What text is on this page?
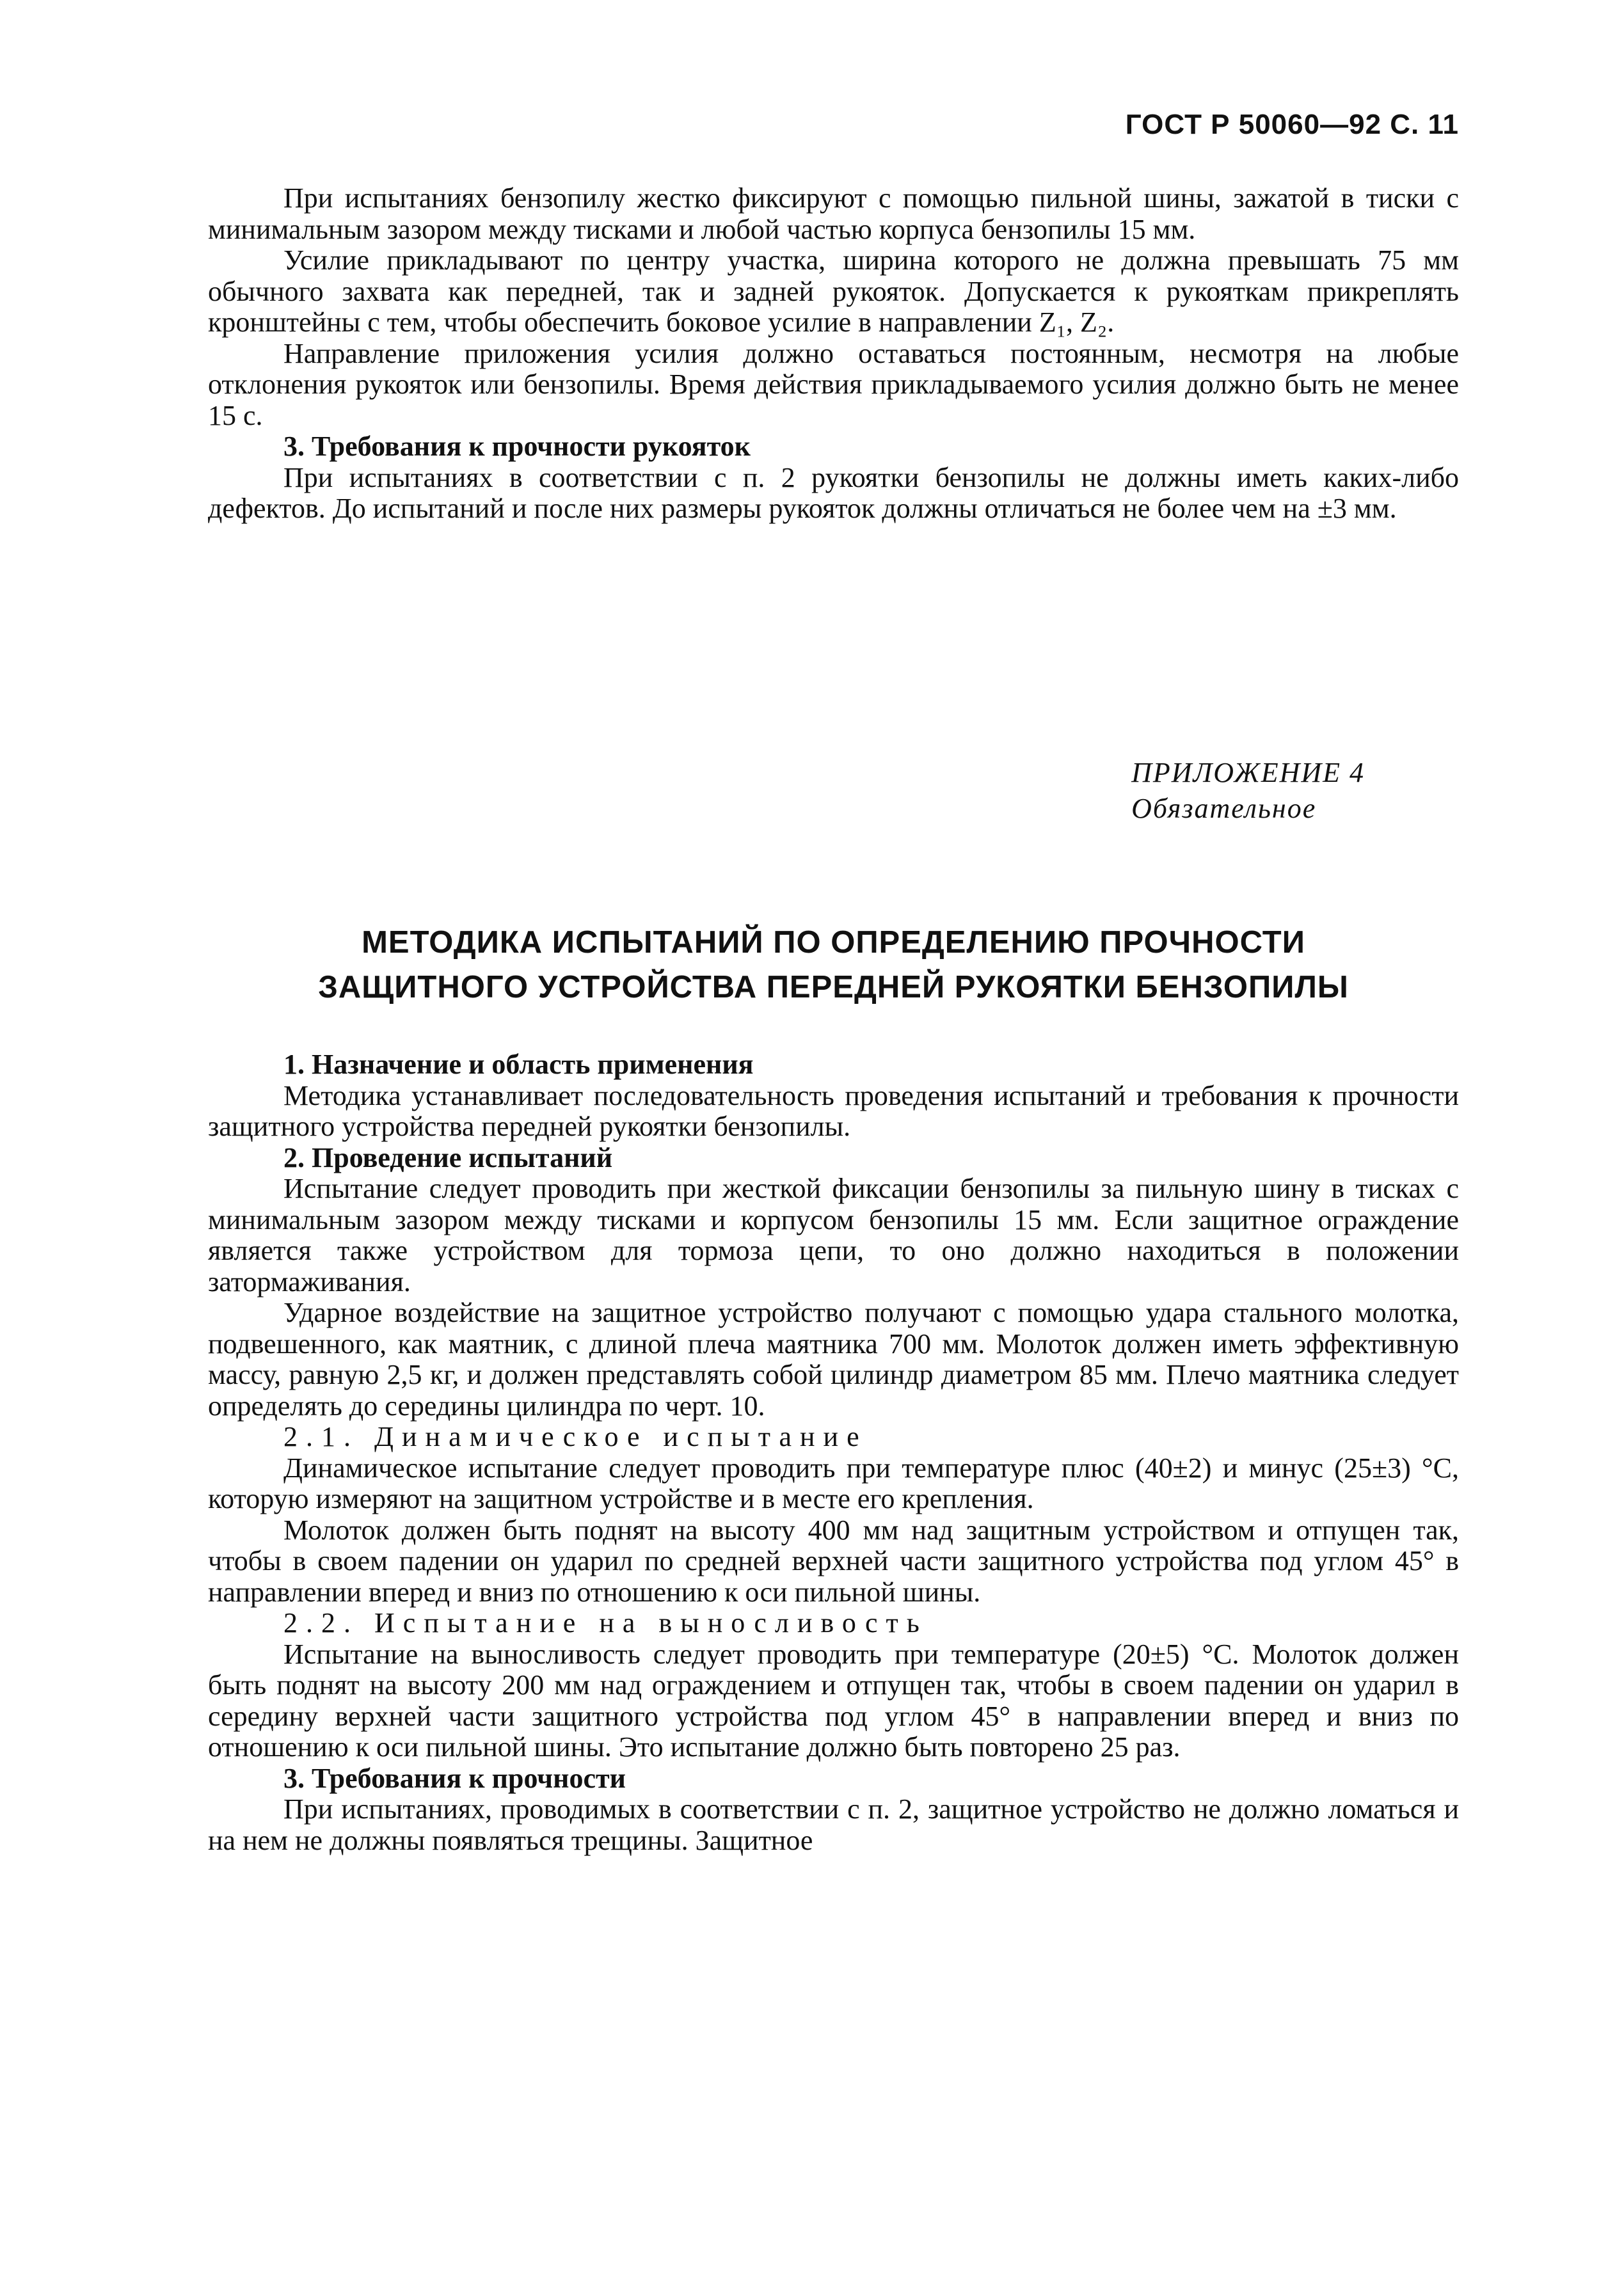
ГОСТ Р 50060—92 С. 11

При испытаниях бензопилу жестко фиксируют с помощью пильной шины, зажатой в тиски с минимальным зазором между тисками и любой частью корпуса бензопилы 15 мм.

Усилие прикладывают по центру участка, ширина которого не должна превышать 75 мм обычного захвата как передней, так и задней рукояток. Допускается к рукояткам прикреплять кронштейны с тем, чтобы обеспечить боковое усилие в направлении Z₁, Z₂.

Направление приложения усилия должно оставаться постоянным, несмотря на любые отклонения рукояток или бензопилы. Время действия прикладываемого усилия должно быть не менее 15 с.

3. Требования к прочности рукояток

При испытаниях в соответствии с п. 2 рукоятки бензопилы не должны иметь каких-либо дефектов. До испытаний и после них размеры рукояток должны отличаться не более чем на ±3 мм.

ПРИЛОЖЕНИЕ 4
Обязательное
МЕТОДИКА ИСПЫТАНИЙ ПО ОПРЕДЕЛЕНИЮ ПРОЧНОСТИ
ЗАЩИТНОГО УСТРОЙСТВА ПЕРЕДНЕЙ РУКОЯТКИ БЕНЗОПИЛЫ

1. Назначение и область применения

Методика устанавливает последовательность проведения испытаний и требования к прочности защитного устройства передней рукоятки бензопилы.

2. Проведение испытаний

Испытание следует проводить при жесткой фиксации бензопилы за пильную шину в тисках с минимальным зазором между тисками и корпусом бензопилы 15 мм. Если защитное ограждение является также устройством для тормоза цепи, то оно должно находиться в положении затормаживания.

Ударное воздействие на защитное устройство получают с помощью удара стального молотка, подвешенного, как маятник, с длиной плеча маятника 700 мм. Молоток должен иметь эффективную массу, равную 2,5 кг, и должен представлять собой цилиндр диаметром 85 мм. Плечо маятника следует определять до середины цилиндра по черт. 10.

2.1. Динамическое испытание

Динамическое испытание следует проводить при температуре плюс (40±2) и минус (25±3) °С, которую измеряют на защитном устройстве и в месте его крепления.

Молоток должен быть поднят на высоту 400 мм над защитным устройством и отпущен так, чтобы в своем падении он ударил по средней верхней части защитного устройства под углом 45° в направлении вперед и вниз по отношению к оси пильной шины.

2.2. Испытание на выносливость

Испытание на выносливость следует проводить при температуре (20±5) °С. Молоток должен быть поднят на высоту 200 мм над ограждением и отпущен так, чтобы в своем падении он ударил в середину верхней части защитного устройства под углом 45° в направлении вперед и вниз по отношению к оси пильной шины. Это испытание должно быть повторено 25 раз.

3. Требования к прочности

При испытаниях, проводимых в соответствии с п. 2, защитное устройство не должно ломаться и на нем не должны появляться трещины. Защитное
